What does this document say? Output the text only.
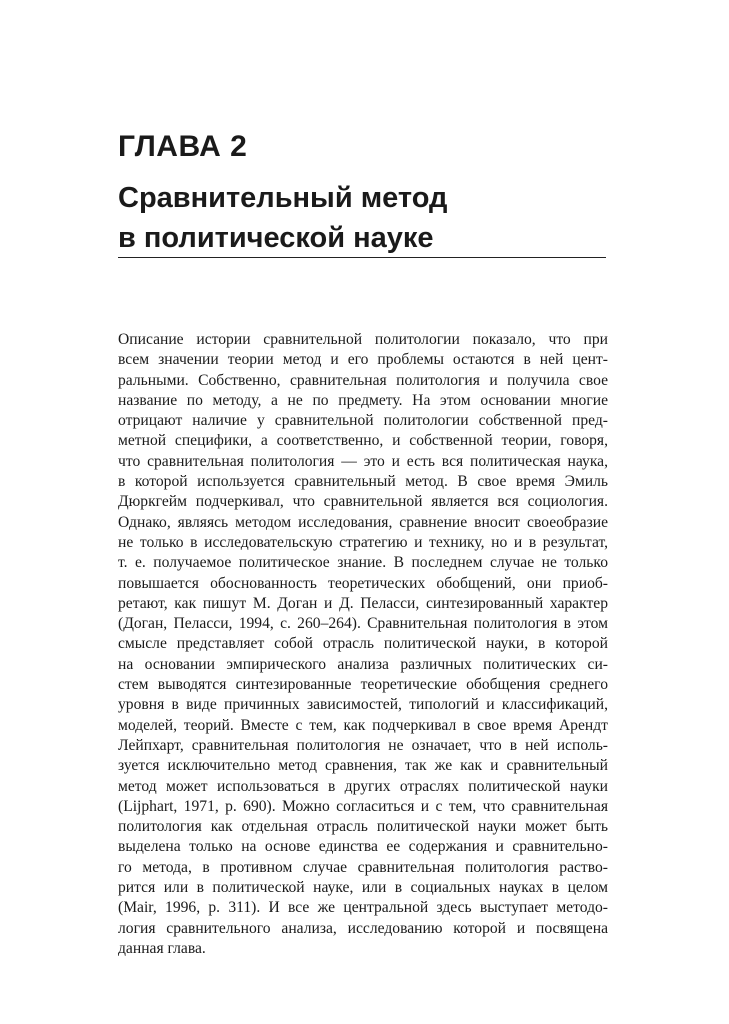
ГЛАВА 2
Сравнительный метод
в политической науке
Описание истории сравнительной политологии показало, что при
всем значении теории метод и его проблемы остаются в ней цент-
ральными. Собственно, сравнительная политология и получила свое
название по методу, а не по предмету. На этом основании многие
отрицают наличие у сравнительной политологии собственной пред-
метной специфики, а соответственно, и собственной теории, говоря,
что сравнительная политология — это и есть вся политическая наука,
в которой используется сравнительный метод. В свое время Эмиль
Дюркгейм подчеркивал, что сравнительной является вся социология.
Однако, являясь методом исследования, сравнение вносит своеобразие
не только в исследовательскую стратегию и технику, но и в результат,
т. е. получаемое политическое знание. В последнем случае не только
повышается обоснованность теоретических обобщений, они приоб-
ретают, как пишут М. Доган и Д. Пеласси, синтезированный характер
(Доган, Пеласси, 1994, с. 260–264). Сравнительная политология в этом
смысле представляет собой отрасль политической науки, в которой
на основании эмпирического анализа различных политических си-
стем выводятся синтезированные теоретические обобщения среднего
уровня в виде причинных зависимостей, типологий и классификаций,
моделей, теорий. Вместе с тем, как подчеркивал в свое время Арендт
Лейпхарт, сравнительная политология не означает, что в ней исполь-
зуется исключительно метод сравнения, так же как и сравнительный
метод может использоваться в других отраслях политической науки
(Lijphart, 1971, p. 690). Можно согласиться и с тем, что сравнительная
политология как отдельная отрасль политической науки может быть
выделена только на основе единства ее содержания и сравнительно-
го метода, в противном случае сравнительная политология раство-
рится или в политической науке, или в социальных науках в целом
(Mair, 1996, p. 311). И все же центральной здесь выступает методо-
логия сравнительного анализа, исследованию которой и посвящена
данная глава.
